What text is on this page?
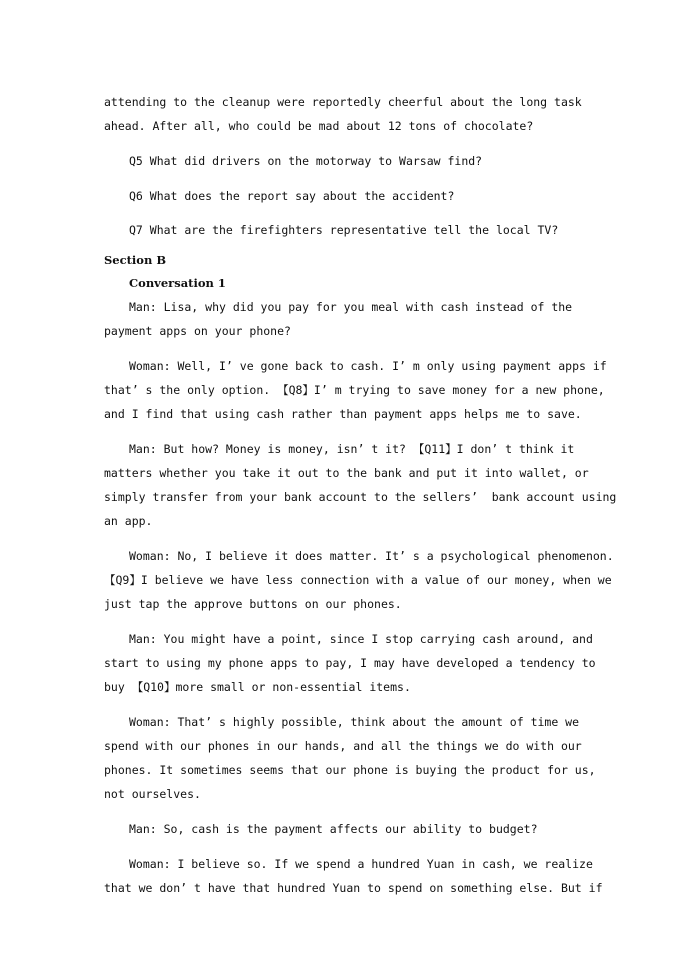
attending to the cleanup were reportedly cheerful about the long task
ahead. After all, who could be mad about 12 tons of chocolate?
Q5 What did drivers on the motorway to Warsaw find?
Q6 What does the report say about the accident?
Q7 What are the firefighters representative tell the local TV?
Section B
Conversation 1
Man: Lisa, why did you pay for you meal with cash instead of the
payment apps on your phone?
Woman: Well, I’ ve gone back to cash. I’ m only using payment apps if
that’ s the only option. 【Q8】I’ m trying to save money for a new phone,
and I find that using cash rather than payment apps helps me to save.
Man: But how? Money is money, isn’ t it? 【Q11】I don’ t think it
matters whether you take it out to the bank and put it into wallet, or
simply transfer from your bank account to the sellers’  bank account using
an app.
Woman: No, I believe it does matter. It’ s a psychological phenomenon.
【Q9】I believe we have less connection with a value of our money, when we
just tap the approve buttons on our phones.
Man: You might have a point, since I stop carrying cash around, and
start to using my phone apps to pay, I may have developed a tendency to
buy 【Q10】more small or non-essential items.
Woman: That’ s highly possible, think about the amount of time we
spend with our phones in our hands, and all the things we do with our
phones. It sometimes seems that our phone is buying the product for us,
not ourselves.
Man: So, cash is the payment affects our ability to budget?
Woman: I believe so. If we spend a hundred Yuan in cash, we realize
that we don’ t have that hundred Yuan to spend on something else. But if
